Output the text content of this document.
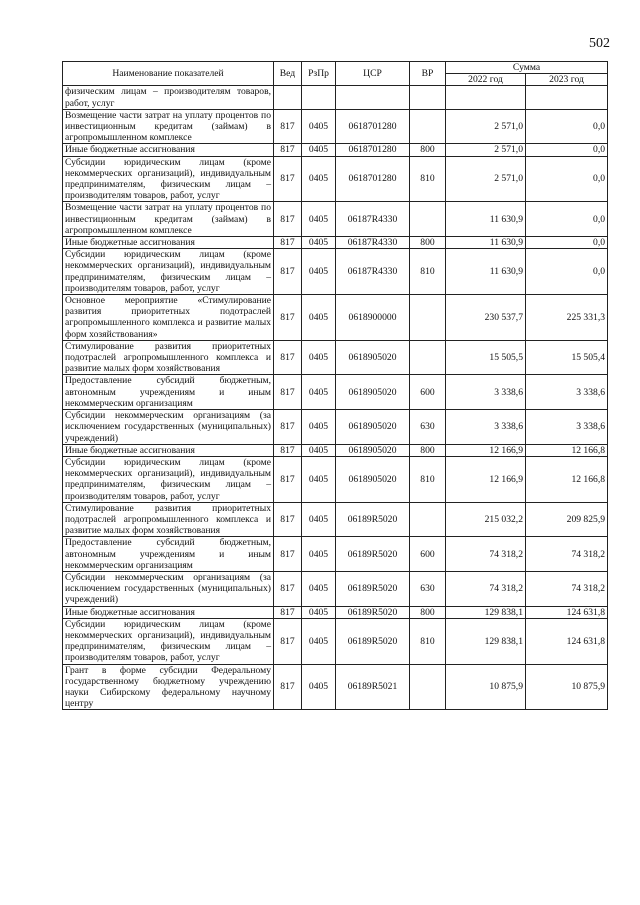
502
Наименование показателей	Вед	РзПр	ЦСР	ВР	Сумма	
					2022 год	2023 год
физическим лицам – производителям товаров, работ, услуг						
Возмещение части затрат на уплату процентов по инвестиционным кредитам (займам) в агропромышленном комплексе	817	0405	0618701280		2 571,0	0,0
Иные бюджетные ассигнования	817	0405	0618701280	800	2 571,0	0,0
Субсидии юридическим лицам (кроме некоммерческих организаций), индивидуальным предпринимателям, физическим лицам – производителям товаров, работ, услуг	817	0405	0618701280	810	2 571,0	0,0
Возмещение части затрат на уплату процентов по инвестиционным кредитам (займам) в агропромышленном комплексе	817	0405	06187R4330		11 630,9	0,0
Иные бюджетные ассигнования	817	0405	06187R4330	800	11 630,9	0,0
Субсидии юридическим лицам (кроме некоммерческих организаций), индивидуальным предпринимателям, физическим лицам – производителям товаров, работ, услуг	817	0405	06187R4330	810	11 630,9	0,0
Основное мероприятие «Стимулирование развития приоритетных подотраслей агропромышленного комплекса и развитие малых форм хозяйствования»	817	0405	0618900000		230 537,7	225 331,3
Стимулирование развития приоритетных подотраслей агропромышленного комплекса и развитие малых форм хозяйствования	817	0405	0618905020		15 505,5	15 505,4
Предоставление субсидий бюджетным, автономным учреждениям и иным некоммерческим организациям	817	0405	0618905020	600	3 338,6	3 338,6
Субсидии некоммерческим организациям (за исключением государственных (муниципальных) учреждений)	817	0405	0618905020	630	3 338,6	3 338,6
Иные бюджетные ассигнования	817	0405	0618905020	800	12 166,9	12 166,8
Субсидии юридическим лицам (кроме некоммерческих организаций), индивидуальным предпринимателям, физическим лицам – производителям товаров, работ, услуг	817	0405	0618905020	810	12 166,9	12 166,8
Стимулирование развития приоритетных подотраслей агропромышленного комплекса и развитие малых форм хозяйствования	817	0405	06189R5020		215 032,2	209 825,9
Предоставление субсидий бюджетным, автономным учреждениям и иным некоммерческим организациям	817	0405	06189R5020	600	74 318,2	74 318,2
Субсидии некоммерческим организациям (за исключением государственных (муниципальных) учреждений)	817	0405	06189R5020	630	74 318,2	74 318,2
Иные бюджетные ассигнования	817	0405	06189R5020	800	129 838,1	124 631,8
Субсидии юридическим лицам (кроме некоммерческих организаций), индивидуальным предпринимателям, физическим лицам – производителям товаров, работ, услуг	817	0405	06189R5020	810	129 838,1	124 631,8
Грант в форме субсидии Федеральному государственному бюджетному учреждению науки Сибирскому федеральному научному центру	817	0405	06189R5021		10 875,9	10 875,9
